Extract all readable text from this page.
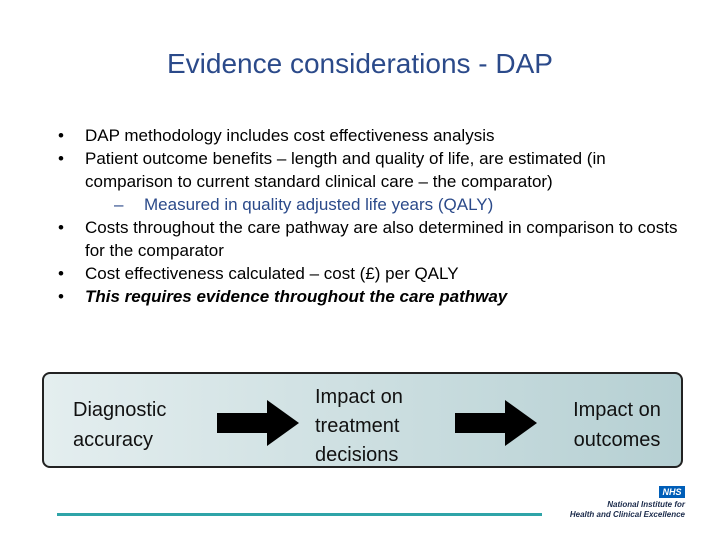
Evidence considerations - DAP
• DAP methodology includes cost effectiveness analysis
• Patient outcome benefits – length and quality of life, are estimated (in comparison to current standard clinical care – the comparator)
–	Measured in quality adjusted life years (QALY)
• Costs throughout the care pathway are also determined in comparison to costs for the comparator
• Cost effectiveness calculated – cost (£) per QALY
• This requires evidence throughout the care pathway
Diagnostic accuracy
Impact on treatment decisions
Impact on outcomes
NHS
National Institute for
Health and Clinical Excellence
